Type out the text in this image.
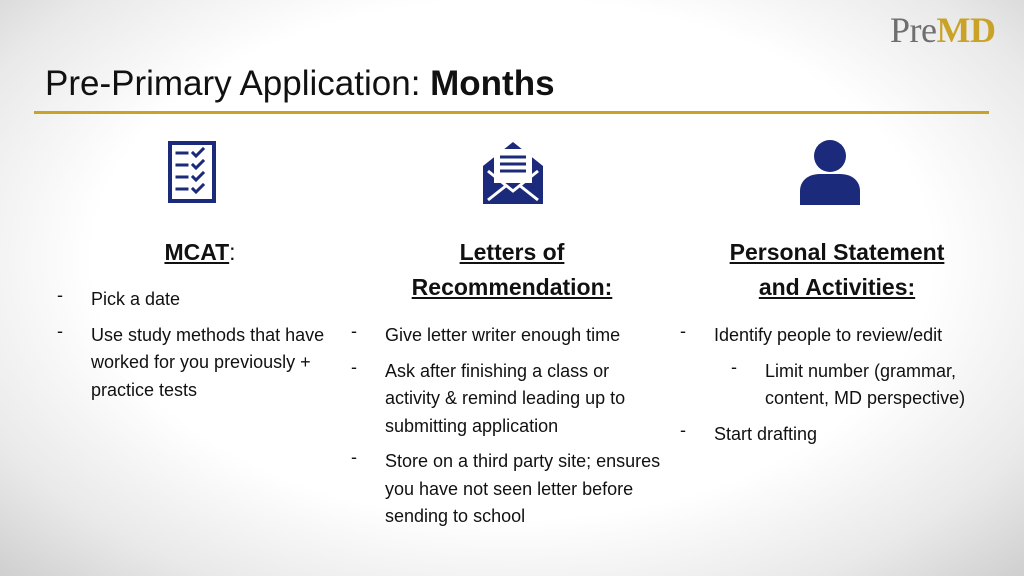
PreMD
Pre-Primary Application: Months
MCAT:
- Pick a date
- Use study methods that have worked for you previously + practice tests
Letters of
Recommendation:
- Give letter writer enough time
- Ask after finishing a class or activity & remind leading up to submitting application
- Store on a third party site; ensures you have not seen letter before sending to school
Personal Statement
and Activities:
- Identify people to review/edit
- Limit number (grammar, content, MD perspective)
- Start drafting
